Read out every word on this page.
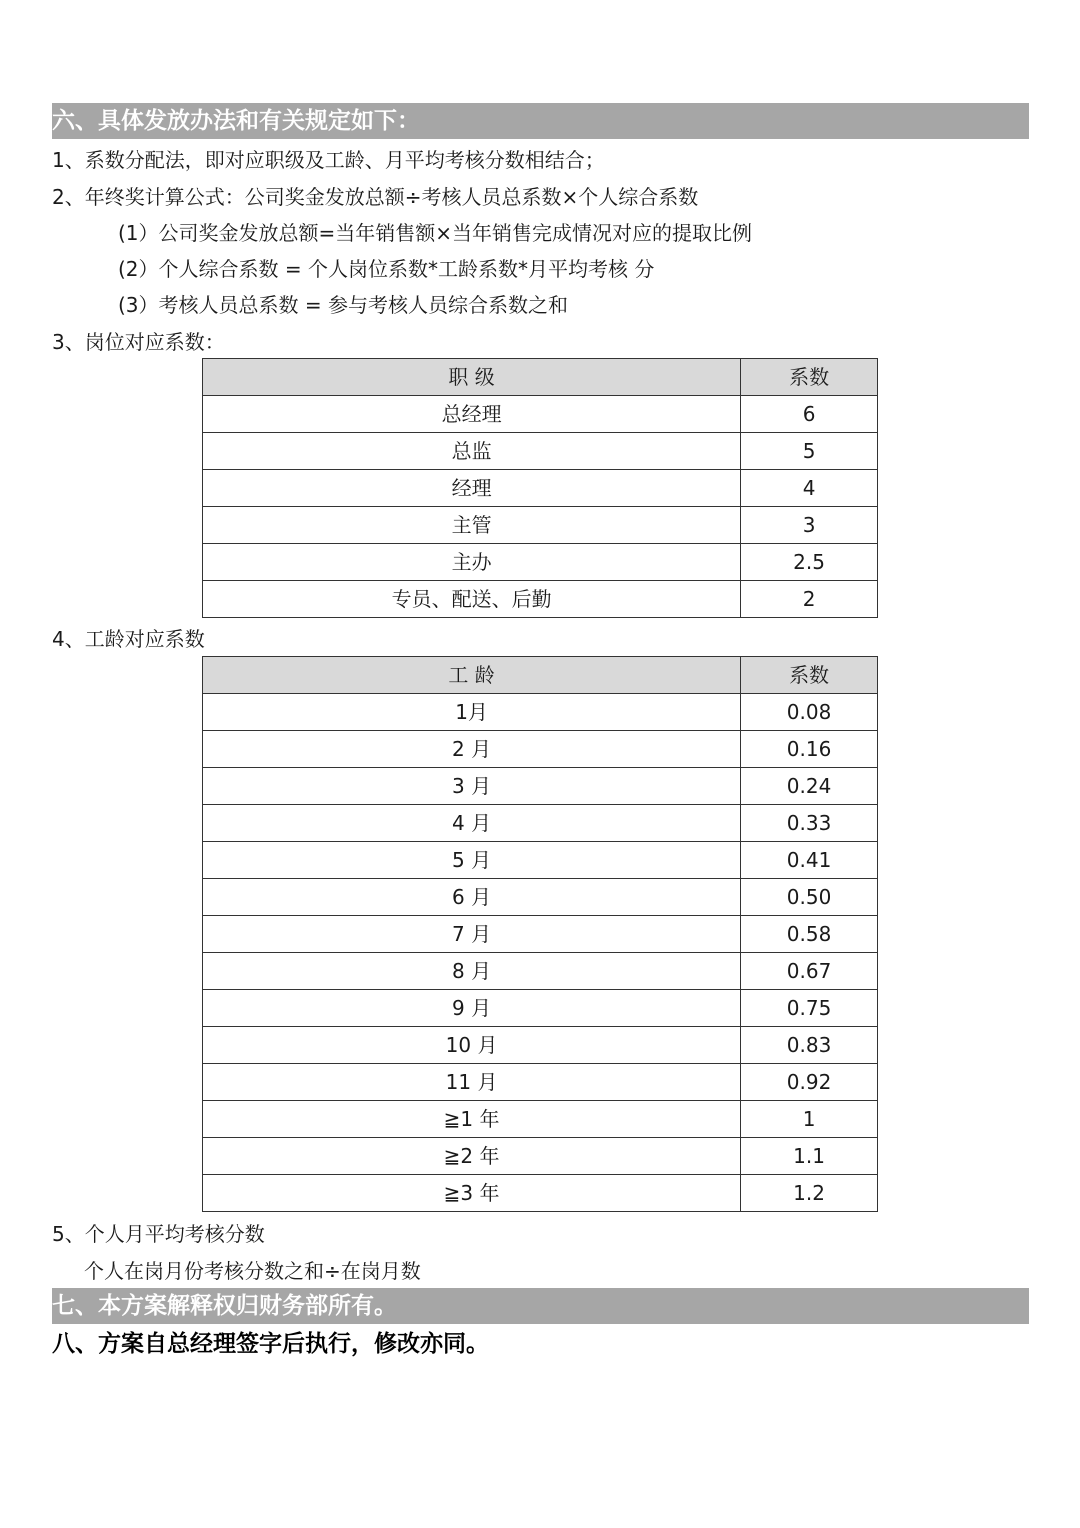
六、具体发放办法和有关规定如下：
1、系数分配法，即对应职级及工龄、月平均考核分数相结合；
2、年终奖计算公式：公司奖金发放总额÷考核人员总系数×个人综合系数
(1）公司奖金发放总额=当年销售额×当年销售完成情况对应的提取比例
(2）个人综合系数 = 个人岗位系数*工龄系数*月平均考核 分
(3）考核人员总系数 = 参与考核人员综合系数之和
3、岗位对应系数：
职 级	系数
总经理	6
总监	5
经理	4
主管	3
主办	2.5
专员、配送、后勤	2
4、工龄对应系数
工 龄	系数
1月	0.08
2 月	0.16
3 月	0.24
4 月	0.33
5 月	0.41
6 月	0.50
7 月	0.58
8 月	0.67
9 月	0.75
10 月	0.83
11 月	0.92
≧1 年	1
≧2 年	1.1
≧3 年	1.2
5、个人月平均考核分数
个人在岗月份考核分数之和÷在岗月数
七、本方案解释权归财务部所有。
八、方案自总经理签字后执行，修改亦同。
